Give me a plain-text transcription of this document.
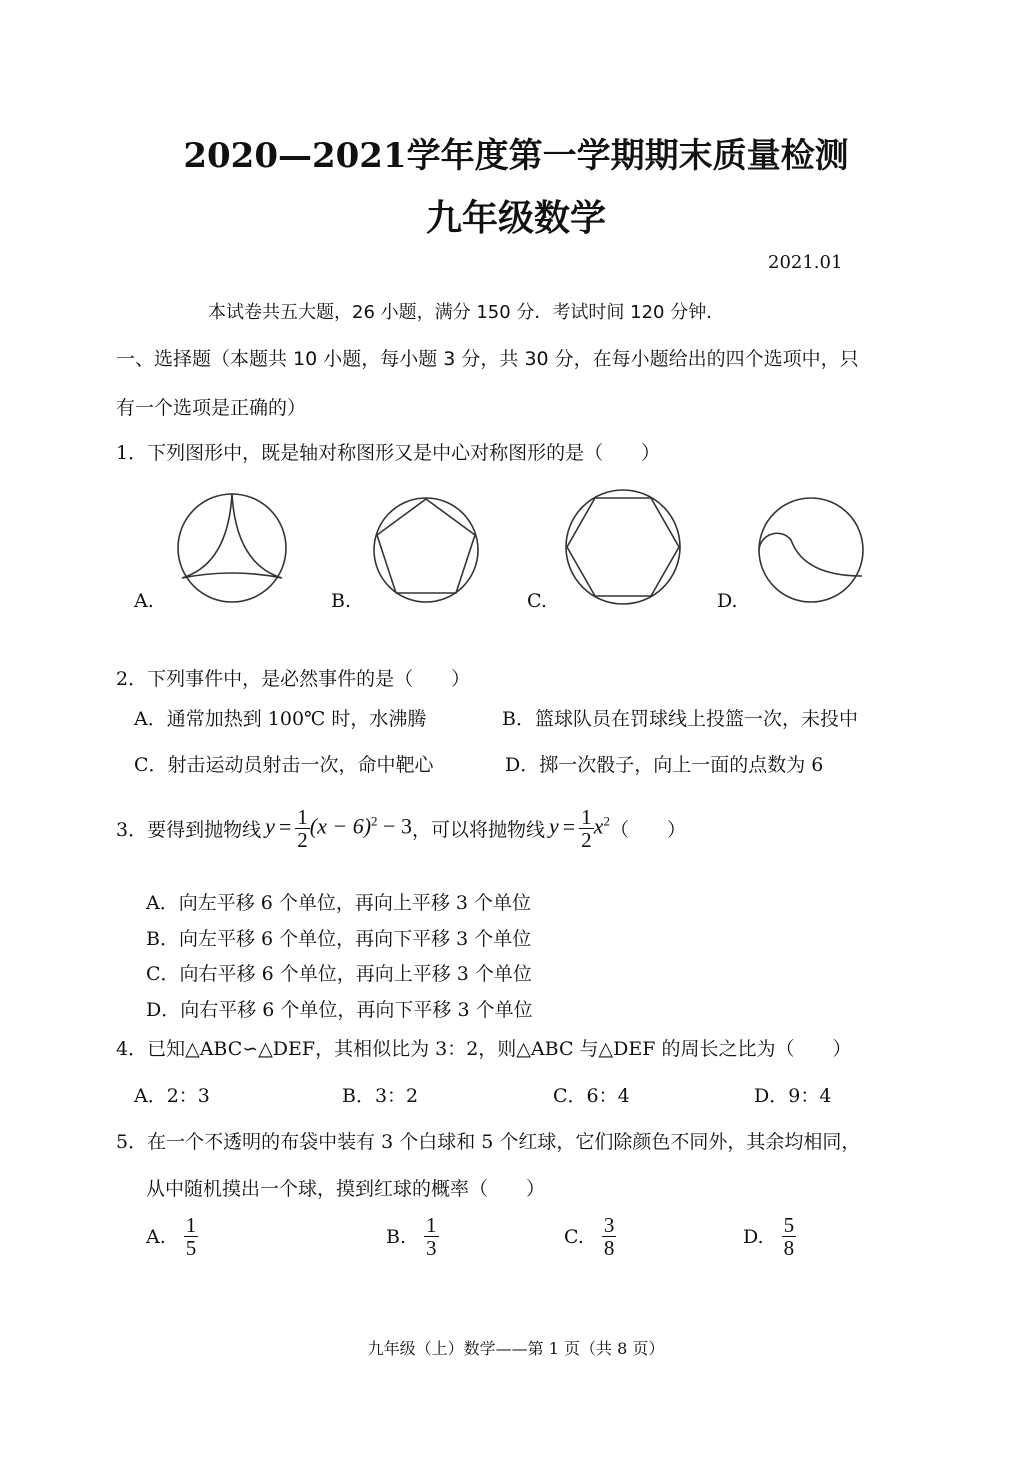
2020—2021学年度第一学期期末质量检测
九年级数学
2021.01
本试卷共五大题，26 小题，满分 150 分．考试时间 120 分钟．
一、选择题（本题共 10 小题，每小题 3 分，共 30 分，在每小题给出的四个选项中，只
有一个选项是正确的）
1．下列图形中，既是轴对称图形又是中心对称图形的是（　　）
A.	B.	C.	D.
2．下列事件中，是必然事件的是（　　）
A．通常加热到 100℃ 时，水沸腾	B．篮球队员在罚球线上投篮一次，未投中
C．射击运动员射击一次，命中靶心	D．掷一次骰子，向上一面的点数为 6
3．要得到抛物线 $y = \frac{1}{2} (x - 6)^2 - 3$ ，可以将抛物线 $y = \frac{1}{2} x^2$ （　　）
A．向左平移 6 个单位，再向上平移 3 个单位
B．向左平移 6 个单位，再向下平移 3 个单位
C．向右平移 6 个单位，再向上平移 3 个单位
D．向右平移 6 个单位，再向下平移 3 个单位
4．已知△ABC∽△DEF，其相似比为 3：2，则△ABC 与△DEF 的周长之比为（　　）
A．2：3	B．3：2	C．6：4	D．9：4
5．在一个不透明的布袋中装有 3 个白球和 5 个红球，它们除颜色不同外，其余均相同，
从中随机摸出一个球，摸到红球的概率（　　）
A. $\frac{1}{5}$	B. $\frac{1}{3}$	C. $\frac{3}{8}$	D. $\frac{5}{8}$
九年级（上）数学——第 1 页（共 8 页）
